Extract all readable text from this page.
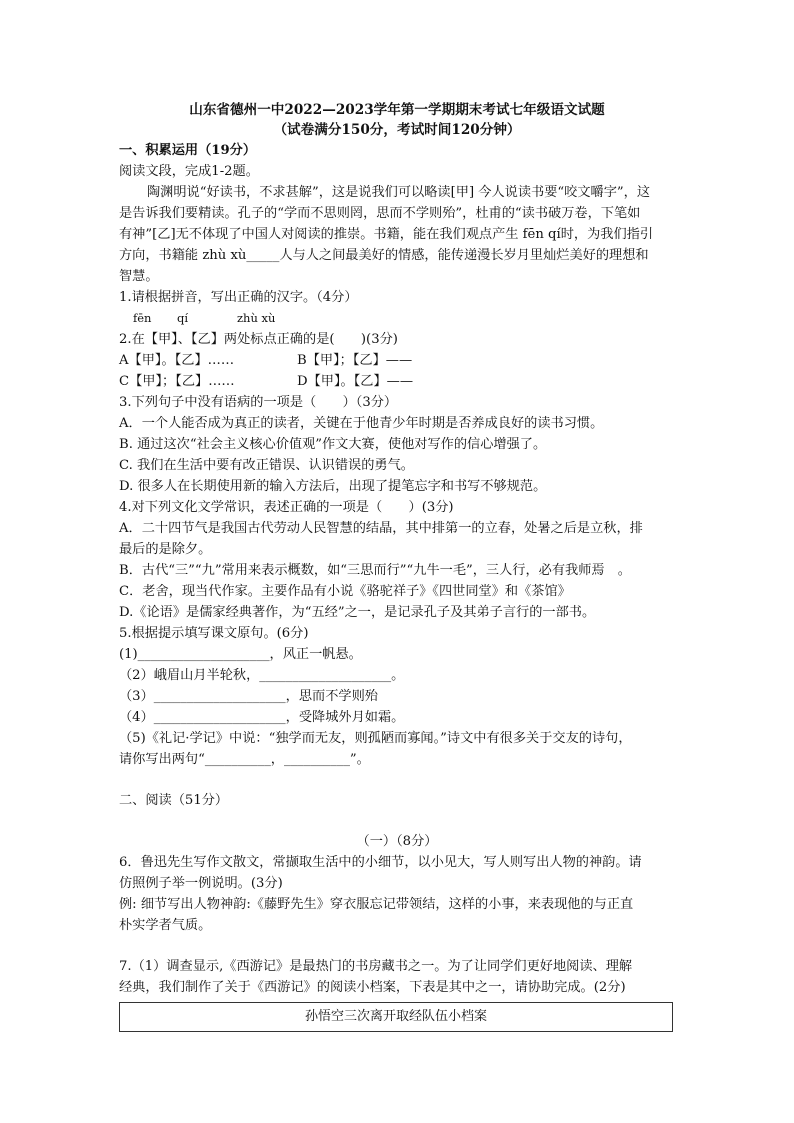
山东省德州一中2022—2023学年第一学期期末考试七年级语文试题
（试卷满分150分，考试时间120分钟）
一、积累运用（19分）
阅读文段，完成1-2题。
陶渊明说“好读书，不求甚解”，这是说我们可以略读[甲] 今人说读书要“咬文嚼字”，这
是告诉我们要精读。孔子的“学而不思则罔，思而不学则殆”，杜甫的“读书破万卷，下笔如
有神”[乙]无不体现了中国人对阅读的推崇。书籍，能在我们观点产生 fēn qí时，为我们指引
方向，书籍能 zhù xù_____人与人之间最美好的情感，能传递漫长岁月里灿烂美好的理想和
智慧。
1.请根据拼音，写出正确的汉字。（4分）
fēn qí	zhù xù
2.在【甲】、【乙】两处标点正确的是(　　)(3分)
A【甲】。【乙】……	B【甲】；【乙】——
C【甲】；【乙】……	D【甲】。【乙】——
3.下列句子中没有语病的一项是（　　）（3分）
A．一个人能否成为真正的读者，关键在于他青少年时期是否养成良好的读书习惯。
B. 通过这次“社会主义核心价值观”作文大赛，使他对写作的信心增强了。
C. 我们在生活中要有改正错误、认识错误的勇气。
D. 很多人在长期使用新的输入方法后，出现了提笔忘字和书写不够规范。
4.对下列文化文学常识，表述正确的一项是（　　）(3分)
A．二十四节气是我国古代劳动人民智慧的结晶，其中排第一的立春，处暑之后是立秋，排
最后的是除夕。
B．古代“三”“九”常用来表示概数，如“三思而行”“九牛一毛”，三人行，必有我师焉　。
C．老舍，现当代作家。主要作品有小说《骆驼祥子》《四世同堂》和《茶馆》
D.《论语》是儒家经典著作，为“五经”之一，是记录孔子及其弟子言行的一部书。
5.根据提示填写课文原句。(6分)
(1)____________________，风正一帆悬。
（2）峨眉山月半轮秋，____________________。
（3）____________________，思而不学则殆
（4）____________________，受降城外月如霜。
（5)《礼记·学记》中说：“独学而无友，则孤陋而寡闻。”诗文中有很多关于交友的诗句，
请你写出两句“__________，__________”。
二、阅读（51分）
（一）（8分）
6．鲁迅先生写作文散文，常撷取生活中的小细节，以小见大，写人则写出人物的神韵。请
仿照例子举一例说明。(3分)
例: 细节写出人物神韵:《藤野先生》穿衣服忘记带领结，这样的小事，来表现他的与正直
朴实学者气质。
7.（1）调查显示,《西游记》是最热门的书房藏书之一。为了让同学们更好地阅读、理解
经典，我们制作了关于《西游记》的阅读小档案，下表是其中之一，请协助完成。(2分)
孙悟空三次离开取经队伍小档案
